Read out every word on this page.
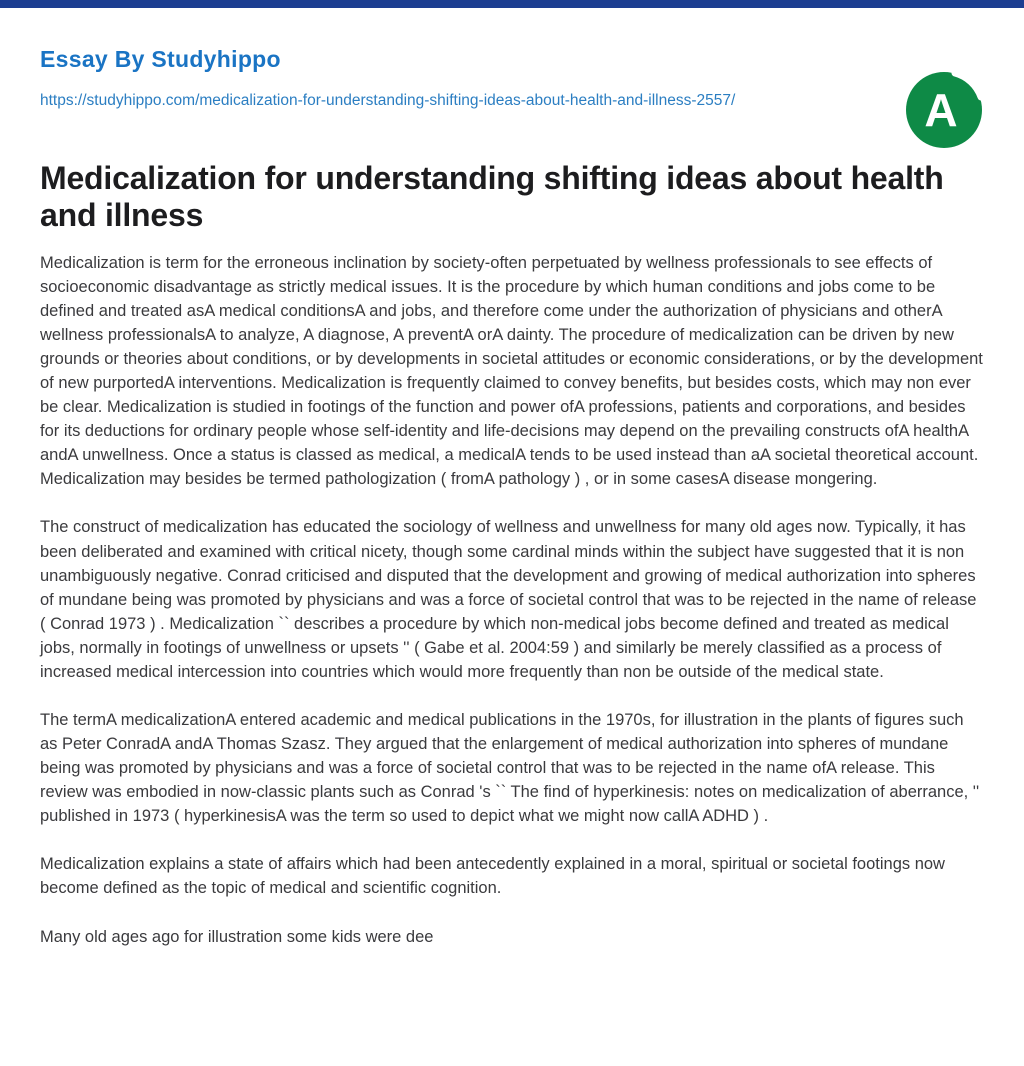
Essay By Studyhippo
https://studyhippo.com/medicalization-for-understanding-shifting-ideas-about-health-and-illness-2557/	A
Medicalization for understanding shifting ideas about health and illness

Medicalization is term for the erroneous inclination by society-often perpetuated by wellness professionals to see effects of socioeconomic disadvantage as strictly medical issues. It is the procedure by which human conditions and jobs come to be defined and treated asA medical conditionsA and jobs, and therefore come under the authorization of physicians and otherA wellness professionalsA to analyze, A diagnose, A preventA orA dainty. The procedure of medicalization can be driven by new grounds or theories about conditions, or by developments in societal attitudes or economic considerations, or by the development of new purportedA interventions. Medicalization is frequently claimed to convey benefits, but besides costs, which may non ever be clear. Medicalization is studied in footings of the function and power ofA professions, patients and corporations, and besides for its deductions for ordinary people whose self-identity and life-decisions may depend on the prevailing constructs ofA healthA andA unwellness. Once a status is classed as medical, a medicalA tends to be used instead than aA societal theoretical account. Medicalization may besides be termed pathologization ( fromA pathology ) , or in some casesA disease mongering.

The construct of medicalization has educated the sociology of wellness and unwellness for many old ages now. Typically, it has been deliberated and examined with critical nicety, though some cardinal minds within the subject have suggested that it is non unambiguously negative. Conrad criticised and disputed that the development and growing of medical authorization into spheres of mundane being was promoted by physicians and was a force of societal control that was to be rejected in the name of release ( Conrad 1973 ) . Medicalization `` describes a procedure by which non-medical jobs become defined and treated as medical jobs, normally in footings of unwellness or upsets '' ( Gabe et al. 2004:59 ) and similarly be merely classified as a process of increased medical intercession into countries which would more frequently than non be outside of the medical state.

The termA medicalizationA entered academic and medical publications in the 1970s, for illustration in the plants of figures such as Peter ConradA andA Thomas Szasz. They argued that the enlargement of medical authorization into spheres of mundane being was promoted by physicians and was a force of societal control that was to be rejected in the name ofA release. This review was embodied in now-classic plants such as Conrad 's `` The find of hyperkinesis: notes on medicalization of aberrance, '' published in 1973 ( hyperkinesisA was the term so used to depict what we might now callA ADHD ) .

Medicalization explains a state of affairs which had been antecedently explained in a moral, spiritual or societal footings now become defined as the topic of medical and scientific cognition.

Many old ages ago for illustration some kids were dee
